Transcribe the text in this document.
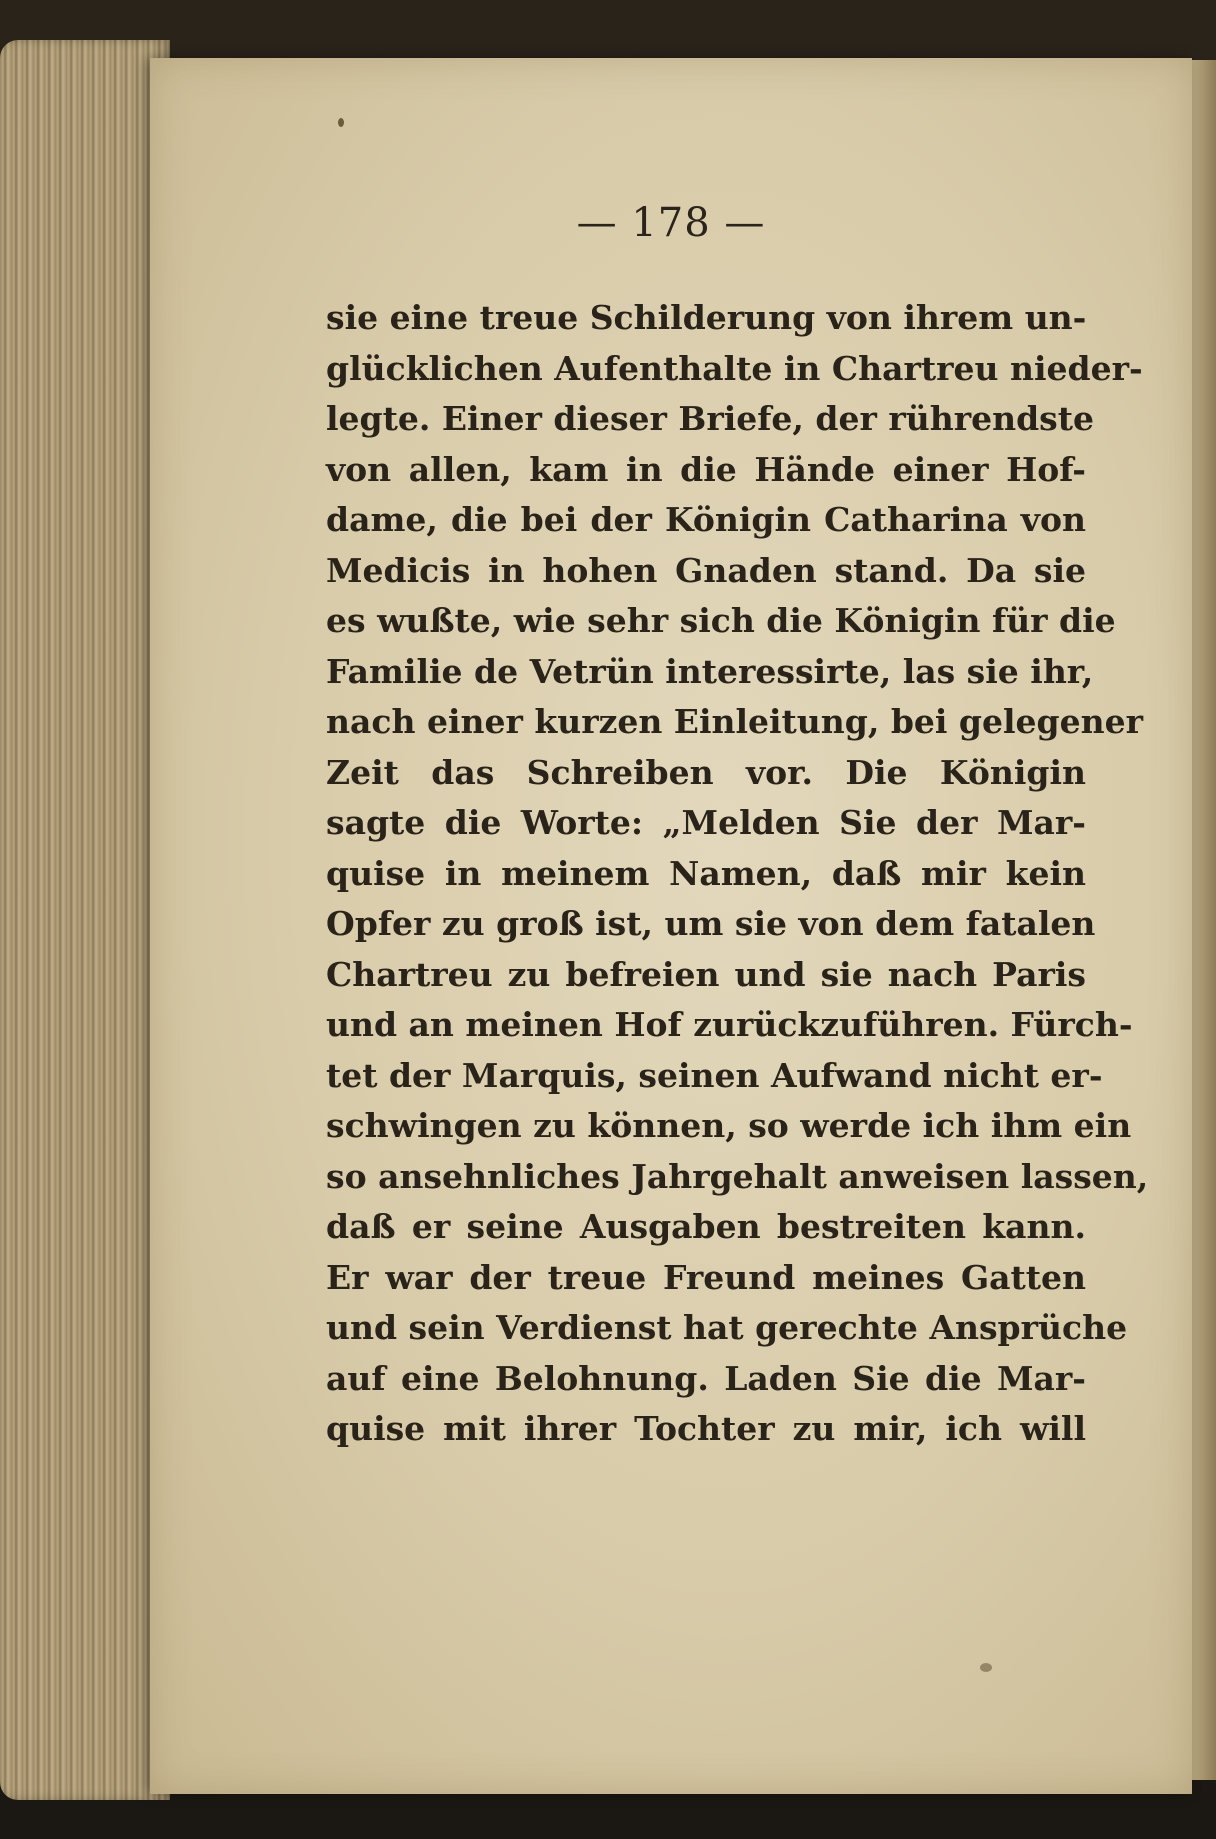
— 178 —
sie eine treue Schilderung von ihrem un-
glücklichen Aufenthalte in Chartreu nieder-
legte. Einer dieser Briefe, der rührendste
von allen, kam in die Hände einer Hof-
dame, die bei der Königin Catharina von
Medicis in hohen Gnaden stand. Da sie
es wußte, wie sehr sich die Königin für die
Familie de Vetrün interessirte, las sie ihr,
nach einer kurzen Einleitung, bei gelegener
Zeit das Schreiben vor. Die Königin
sagte die Worte: „Melden Sie der Mar-
quise in meinem Namen, daß mir kein
Opfer zu groß ist, um sie von dem fatalen
Chartreu zu befreien und sie nach Paris
und an meinen Hof zurückzuführen. Fürch-
tet der Marquis, seinen Aufwand nicht er-
schwingen zu können, so werde ich ihm ein
so ansehnliches Jahrgehalt anweisen lassen,
daß er seine Ausgaben bestreiten kann.
Er war der treue Freund meines Gatten
und sein Verdienst hat gerechte Ansprüche
auf eine Belohnung. Laden Sie die Mar-
quise mit ihrer Tochter zu mir, ich will
